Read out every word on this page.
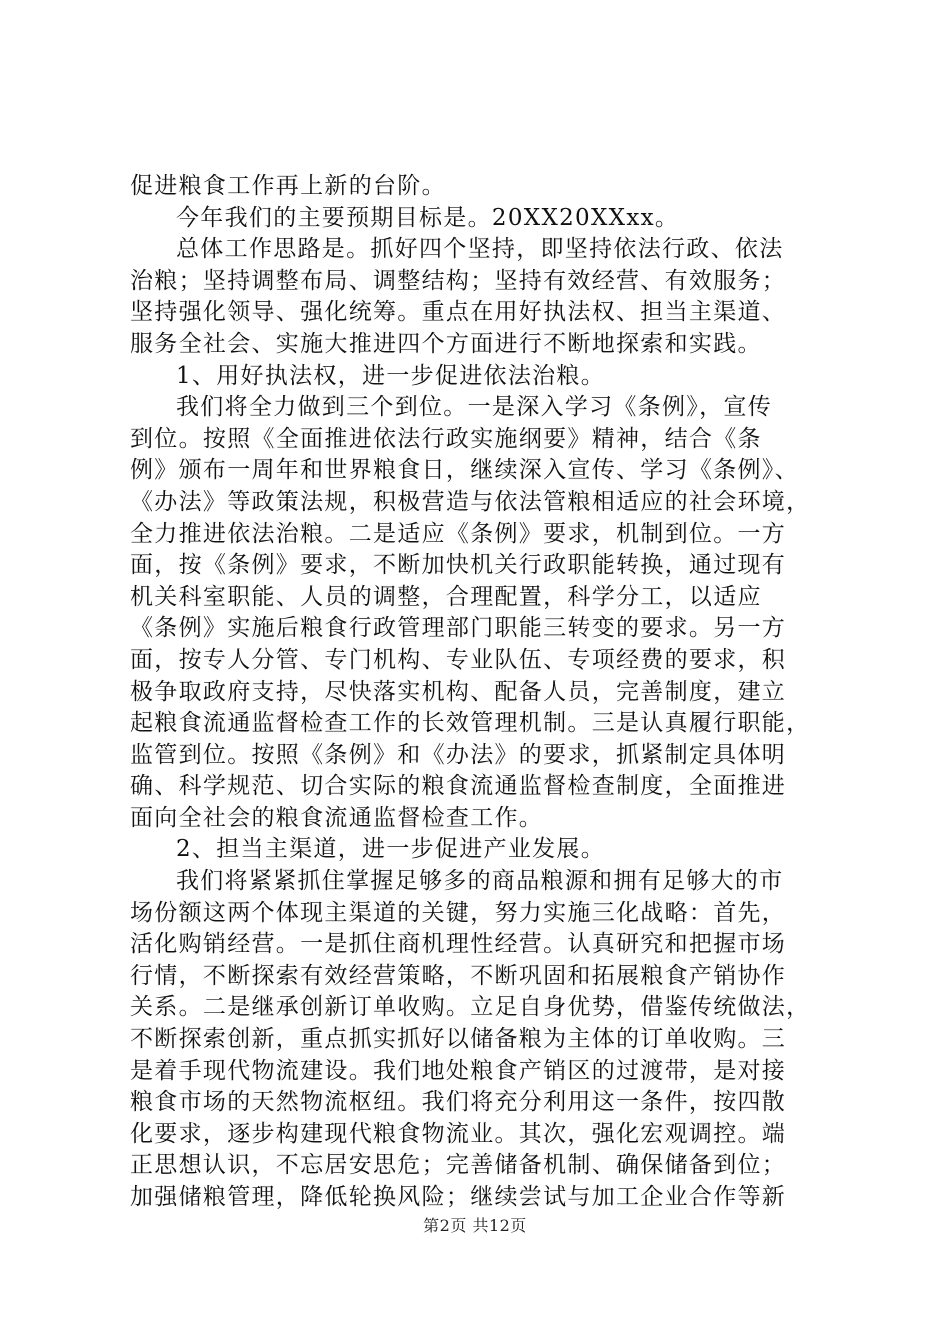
促进粮食工作再上新的台阶。
今年我们的主要预期目标是。20XX20XXxx。
总体工作思路是。抓好四个坚持，即坚持依法行政、依法
治粮；坚持调整布局、调整结构；坚持有效经营、有效服务；
坚持强化领导、强化统筹。重点在用好执法权、担当主渠道、
服务全社会、实施大推进四个方面进行不断地探索和实践。
1、用好执法权，进一步促进依法治粮。
我们将全力做到三个到位。一是深入学习《条例》，宣传
到位。按照《全面推进依法行政实施纲要》精神，结合《条
例》颁布一周年和世界粮食日，继续深入宣传、学习《条例》、
《办法》等政策法规，积极营造与依法管粮相适应的社会环境，
全力推进依法治粮。二是适应《条例》要求，机制到位。一方
面，按《条例》要求，不断加快机关行政职能转换，通过现有
机关科室职能、人员的调整，合理配置，科学分工，以适应
《条例》实施后粮食行政管理部门职能三转变的要求。另一方
面，按专人分管、专门机构、专业队伍、专项经费的要求，积
极争取政府支持，尽快落实机构、配备人员，完善制度，建立
起粮食流通监督检查工作的长效管理机制。三是认真履行职能，
监管到位。按照《条例》和《办法》的要求，抓紧制定具体明
确、科学规范、切合实际的粮食流通监督检查制度，全面推进
面向全社会的粮食流通监督检查工作。
2、担当主渠道，进一步促进产业发展。
我们将紧紧抓住掌握足够多的商品粮源和拥有足够大的市
场份额这两个体现主渠道的关键，努力实施三化战略：首先，
活化购销经营。一是抓住商机理性经营。认真研究和把握市场
行情，不断探索有效经营策略，不断巩固和拓展粮食产销协作
关系。二是继承创新订单收购。立足自身优势，借鉴传统做法，
不断探索创新，重点抓实抓好以储备粮为主体的订单收购。三
是着手现代物流建设。我们地处粮食产销区的过渡带，是对接
粮食市场的天然物流枢纽。我们将充分利用这一条件，按四散
化要求，逐步构建现代粮食物流业。其次，强化宏观调控。端
正思想认识，不忘居安思危；完善储备机制、确保储备到位；
加强储粮管理，降低轮换风险；继续尝试与加工企业合作等新
第2页 共12页
